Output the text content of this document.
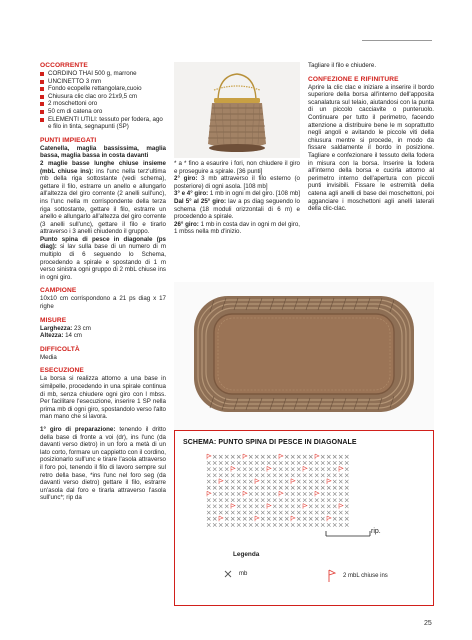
OCCORRENTE
CORDINO THAI 500 g, marrone
UNCINETTO 3 mm
Fondo ecopelle rettangolare,cuoio
Chiusura clic clac oro 21x9,5 cm
2 moschettoni oro
50 cm di catena oro
ELEMENTI UTILI: tessuto per fodera, ago e filo in tinta, segnapunti (SP)
PUNTI IMPIEGATI
Catenella, maglia bassissima, maglia bassa, maglia bassa in costa davanti
2 maglie basse lunghe chiuse insieme (mbL chiuse ins): ins l'unc nella terz'ultima mb della riga sottostante (vedi schema), gettare il filo, estrarre un anello e allungarlo all'altezza del giro corrente (2 anelli sull'unc), ins l'unc nella m corrispondente della terza riga sottostante, gettare il filo, estrarre un anello e allungarlo all'altezza del giro corrente (3 anelli sull'unc), gettare il filo e tirarlo attraverso i 3 anelli chiudendo il gruppo.
Punto spina di pesce in diagonale (ps diag): si lav sulla base di un numero di m multiplo di 6 seguendo lo Schema, procedendo a spirale e spostando di 1 m verso sinistra ogni gruppo di 2 mbL chiuse ins in ogni giro.
CAMPIONE
10x10 cm corrispondono a 21 ps diag x 17 righe
MISURE
Larghezza: 23 cm
Altezza: 14 cm
DIFFICOLTÀ
Media
ESECUZIONE
La borsa si realizza attorno a una base in similpelle, procedendo in una spirale continua di mb, senza chiudere ogni giro con l mbss. Per facilitare l'esecuzione, inserire 1 SP nella prima mb di ogni giro, spostandolo verso l'alto man mano che si lavora.
1° giro di preparazione: tenendo il dritto della base di fronte a voi (dr), ins l'unc (da davanti verso dietro) in un foro a metà di un lato corto, formare un cappietto con il cordino, posizionarlo sull'unc e tirare l'asola attraverso il foro poi, tenendo il filo di lavoro sempre sul retro della base, *ins l'unc nel foro seg (da davanti verso dietro) gettare il filo, estrarre un'asola dal foro e tirarla attraverso l'asola sull'unc*; rip da
* a * fino a esaurire i fori, non chiudere il giro e proseguire a spirale. [36 punti]
2° giro: 3 mb attraverso il filo esterno (o posteriore) di ogni asola. [108 mb]
3° e 4° giro: 1 mb in ogni m del giro. [108 mb]
Dal 5° al 25° giro: lav a ps diag seguendo lo schema (18 moduli orizzontali di 6 m) e procedendo a spirale.
26° giro: 1 mb in costa dav in ogni m del giro, 1 mbss nella mb d'inizio.
Tagliare il filo e chiudere.
CONFEZIONE E RIFINITURE
Aprire la clic clac e iniziare a inserire il bordo superiore della borsa all'interno dell'apposita scanalatura sul telaio, aiutandosi con la punta di un piccolo cacciavite o punteruolo. Continuare per tutto il perimetro, facendo attenzione a distribuire bene le m soprattutto negli angoli e avitando le piccole viti della chiusura mentre si procede, in modo da fissare saldamente il bordo in posizione. Tagliare e confezionare il tessuto della fodera in misura con la borsa. Inserire la fodera all'interno della borsa e cucirla attorno al perimetro interno dell'apertura con piccoli punti invisibili. Fissare le estremità della catena agli anelli di base dei moschettoni, poi agganciare i moschettoni agli anelli laterali della clic-clac.
SCHEMA: PUNTO SPINA DI PESCE IN DIAGONALE
rip.
Legenda
mb	2 mbL chiuse ins
25
